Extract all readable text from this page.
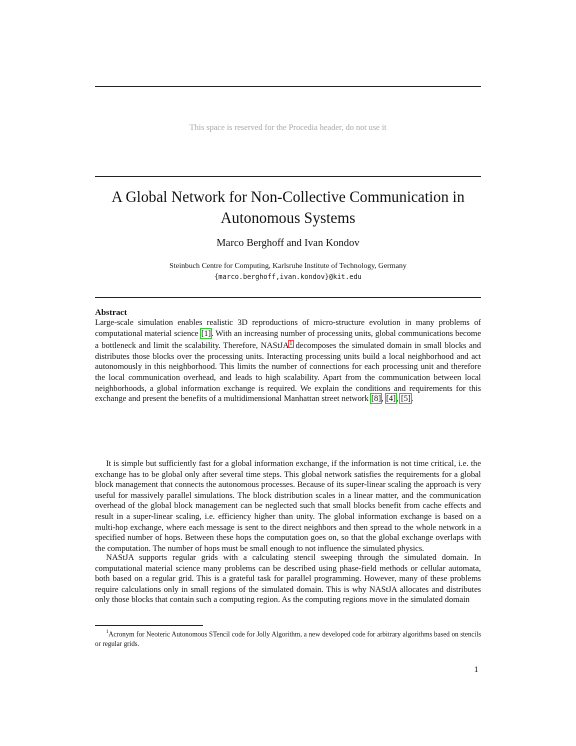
This space is reserved for the Procedia header, do not use it
A Global Network for Non-Collective Communication in Autonomous Systems
Marco Berghoff and Ivan Kondov
Steinbuch Centre for Computing, Karlsruhe Institute of Technology, Germany
{marco.berghoff,ivan.kondov}@kit.edu
Abstract
Large-scale simulation enables realistic 3D reproductions of micro-structure evolution in many problems of computational material science [1]. With an increasing number of processing units, global communications become a bottleneck and limit the scalability. Therefore, NAStJA$^1$ decomposes the simulated domain in small blocks and distributes those blocks over the processing units. Interacting processing units build a local neighborhood and act autonomously in this neighborhood. This limits the number of connections for each processing unit and therefore the local communication overhead, and leads to high scalability. Apart from the communication between local neighborhoods, a global information exchange is required. We explain the conditions and requirements for this exchange and present the benefits of a multidimensional Manhattan street network [8], [4], [5].
It is simple but sufficiently fast for a global information exchange, if the information is not time critical, i.e. the exchange has to be global only after several time steps. This global network satisfies the requirements for a global block management that connects the autonomous processes. Because of its super-linear scaling the approach is very useful for massively parallel simulations. The block distribution scales in a linear matter, and the communication overhead of the global block management can be neglected such that small blocks benefit from cache effects and result in a super-linear scaling, i.e. efficiency higher than unity. The global information exchange is based on a multi-hop exchange, where each message is sent to the direct neighbors and then spread to the whole network in a specified number of hops. Between these hops the computation goes on, so that the global exchange overlaps with the computation. The number of hops must be small enough to not influence the simulated physics.
NAStJA supports regular grids with a calculating stencil sweeping through the simulated domain. In computational material science many problems can be described using phase-field methods or cellular automata, both based on a regular grid. This is a grateful task for parallel programming. However, many of these problems require calculations only in small regions of the simulated domain. This is why NAStJA allocates and distributes only those blocks that contain such a computing region. As the computing regions move in the simulated domain
$^1$Acronym for Neoteric Autonomous STencil code for Jolly Algorithm, a new developed code for arbitrary algorithms based on stencils or regular grids.
1
